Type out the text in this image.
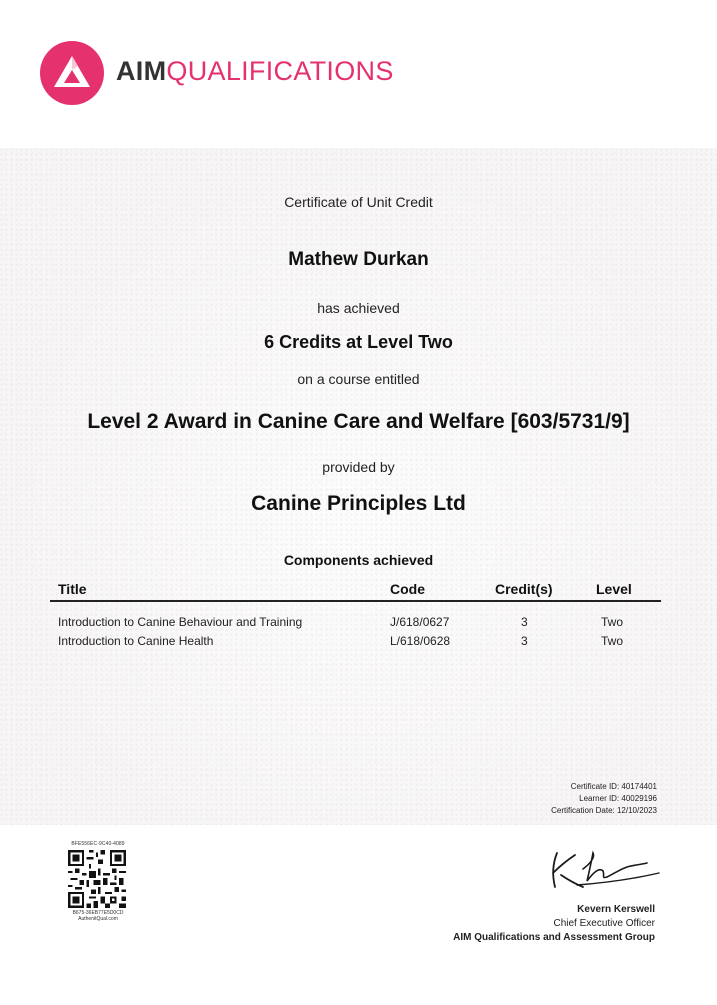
AIMQUALIFICATIONS
Certificate of Unit Credit
Mathew Durkan
has achieved
6 Credits at Level Two
on a course entitled
Level 2 Award in Canine Care and Welfare [603/5731/9]
provided by
Canine Principles Ltd
Components achieved
Title	Code	Credit(s)	Level
Introduction to Canine Behaviour and Training	J/618/0627	3	Two
Introduction to Canine Health	L/618/0628	3	Two
Certificate ID: 40174401
Learner ID: 40029196
Certification Date: 12/10/2023
BFE556EC-9C40-4089
B675-36EB77E5D0CD
AuthenitQual.com
Kevern Kerswell
Chief Executive Officer
AIM Qualifications and Assessment Group
